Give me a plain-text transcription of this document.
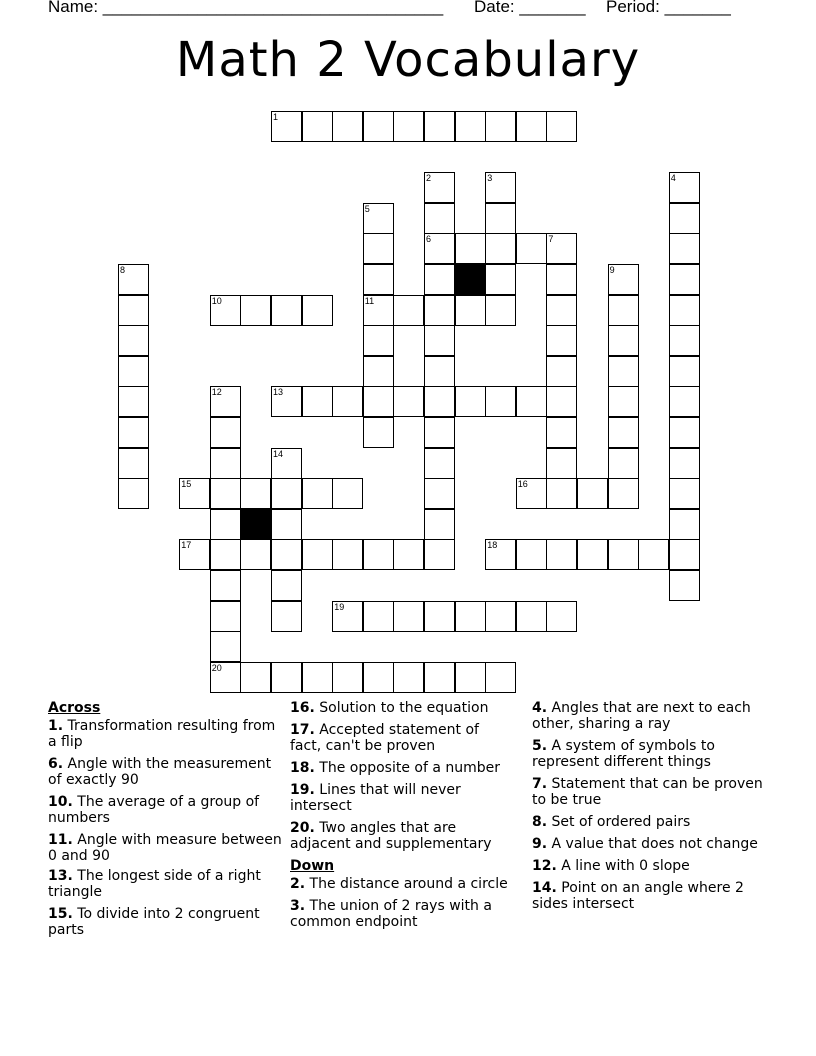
Name: ____________________________________ Date: _______ Period: _______
Math 2 Vocabulary
1
2
6
3	4
5
11
7
8	9
10
12
20
13
14
15	16
17	18
19
Across
1. Transformation resulting from a flip
6. Angle with the measurement of exactly 90
10. The average of a group of numbers
11. Angle with measure between 0 and 90
13. The longest side of a right triangle
15. To divide into 2 congruent parts
16. Solution to the equation
17. Accepted statement of fact, can't be proven
18. The opposite of a number
19. Lines that will never intersect
20. Two angles that are adjacent and supplementary
Down
2. The distance around a circle
3. The union of 2 rays with a common endpoint
4. Angles that are next to each other, sharing a ray
5. A system of symbols to represent different things
7. Statement that can be proven to be true
8. Set of ordered pairs
9. A value that does not change
12. A line with 0 slope
14. Point on an angle where 2 sides intersect
